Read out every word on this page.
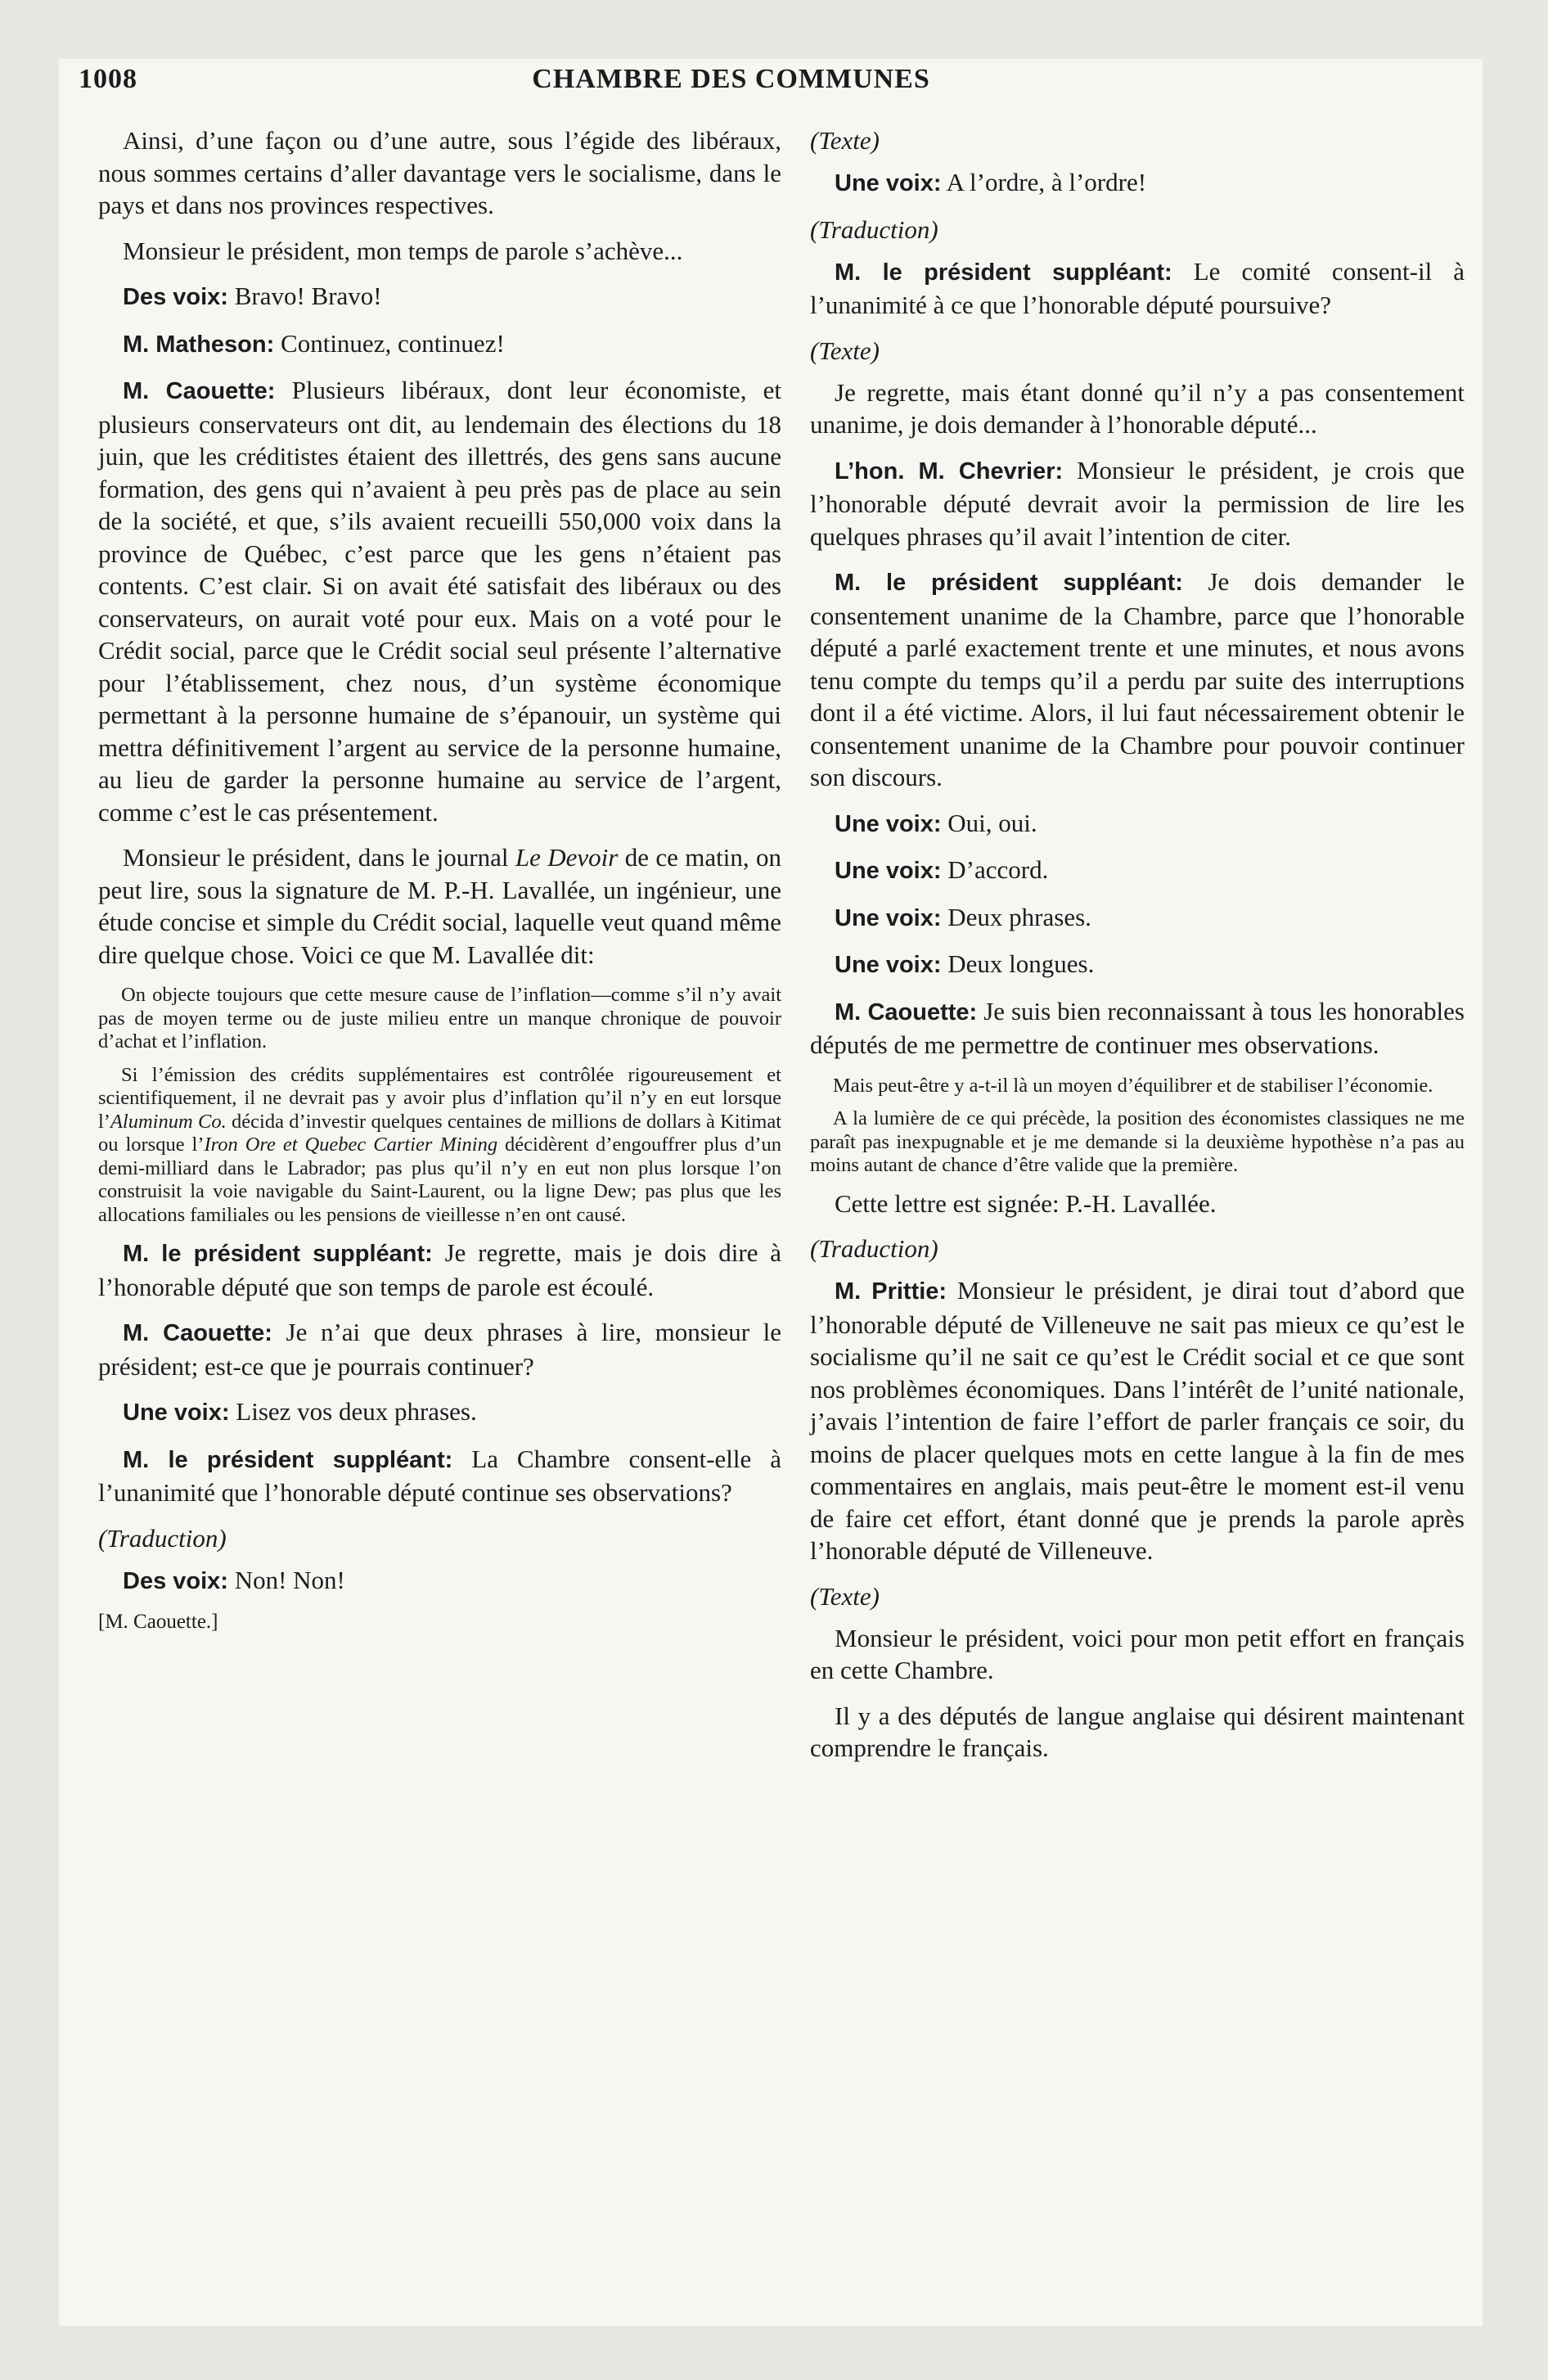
1008	CHAMBRE DES COMMUNES

Ainsi, d’une façon ou d’une autre, sous l’égide des libéraux, nous sommes certains d’aller davantage vers le socialisme, dans le pays et dans nos provinces respectives.

Monsieur le président, mon temps de parole s’achève...

Des voix: Bravo! Bravo!

M. Matheson: Continuez, continuez!

M. Caouette: Plusieurs libéraux, dont leur économiste, et plusieurs conservateurs ont dit, au lendemain des élections du 18 juin, que les créditistes étaient des illettrés, des gens sans aucune formation, des gens qui n’avaient à peu près pas de place au sein de la société, et que, s’ils avaient recueilli 550,000 voix dans la province de Québec, c’est parce que les gens n’étaient pas contents. C’est clair. Si on avait été satisfait des libéraux ou des conservateurs, on aurait voté pour eux. Mais on a voté pour le Crédit social, parce que le Crédit social seul présente l’alternative pour l’établissement, chez nous, d’un système économique permettant à la personne humaine de s’épanouir, un système qui mettra définitivement l’argent au service de la personne humaine, au lieu de garder la personne humaine au service de l’argent, comme c’est le cas présentement.

Monsieur le président, dans le journal Le Devoir de ce matin, on peut lire, sous la signature de M. P.-H. Lavallée, un ingénieur, une étude concise et simple du Crédit social, laquelle veut quand même dire quelque chose. Voici ce que M. Lavallée dit:

On objecte toujours que cette mesure cause de l’inflation—comme s’il n’y avait pas de moyen terme ou de juste milieu entre un manque chronique de pouvoir d’achat et l’inflation.

Si l’émission des crédits supplémentaires est contrôlée rigoureusement et scientifiquement, il ne devrait pas y avoir plus d’inflation qu’il n’y en eut lorsque l’Aluminum Co. décida d’investir quelques centaines de millions de dollars à Kitimat ou lorsque l’Iron Ore et Quebec Cartier Mining décidèrent d’engouffrer plus d’un demi-milliard dans le Labrador; pas plus qu’il n’y en eut non plus lorsque l’on construisit la voie navigable du Saint-Laurent, ou la ligne Dew; pas plus que les allocations familiales ou les pensions de vieillesse n’en ont causé.

M. le président suppléant: Je regrette, mais je dois dire à l’honorable député que son temps de parole est écoulé.

M. Caouette: Je n’ai que deux phrases à lire, monsieur le président; est-ce que je pourrais continuer?

Une voix: Lisez vos deux phrases.

M. le président suppléant: La Chambre consent-elle à l’unanimité que l’honorable député continue ses observations?

(Traduction)

Des voix: Non! Non!

[M. Caouette.]

(Texte)

Une voix: A l’ordre, à l’ordre!

(Traduction)

M. le président suppléant: Le comité consent-il à l’unanimité à ce que l’honorable député poursuive?

(Texte)

Je regrette, mais étant donné qu’il n’y a pas consentement unanime, je dois demander à l’honorable député...

L’hon. M. Chevrier: Monsieur le président, je crois que l’honorable député devrait avoir la permission de lire les quelques phrases qu’il avait l’intention de citer.

M. le président suppléant: Je dois demander le consentement unanime de la Chambre, parce que l’honorable député a parlé exactement trente et une minutes, et nous avons tenu compte du temps qu’il a perdu par suite des interruptions dont il a été victime. Alors, il lui faut nécessairement obtenir le consentement unanime de la Chambre pour pouvoir continuer son discours.

Une voix: Oui, oui.

Une voix: D’accord.

Une voix: Deux phrases.

Une voix: Deux longues.

M. Caouette: Je suis bien reconnaissant à tous les honorables députés de me permettre de continuer mes observations.

Mais peut-être y a-t-il là un moyen d’équilibrer et de stabiliser l’économie.

A la lumière de ce qui précède, la position des économistes classiques ne me paraît pas inexpugnable et je me demande si la deuxième hypothèse n’a pas au moins autant de chance d’être valide que la première.

Cette lettre est signée: P.-H. Lavallée.

(Traduction)

M. Prittie: Monsieur le président, je dirai tout d’abord que l’honorable député de Villeneuve ne sait pas mieux ce qu’est le socialisme qu’il ne sait ce qu’est le Crédit social et ce que sont nos problèmes économiques. Dans l’intérêt de l’unité nationale, j’avais l’intention de faire l’effort de parler français ce soir, du moins de placer quelques mots en cette langue à la fin de mes commentaires en anglais, mais peut-être le moment est-il venu de faire cet effort, étant donné que je prends la parole après l’honorable député de Villeneuve.

(Texte)

Monsieur le président, voici pour mon petit effort en français en cette Chambre.

Il y a des députés de langue anglaise qui désirent maintenant comprendre le français.
